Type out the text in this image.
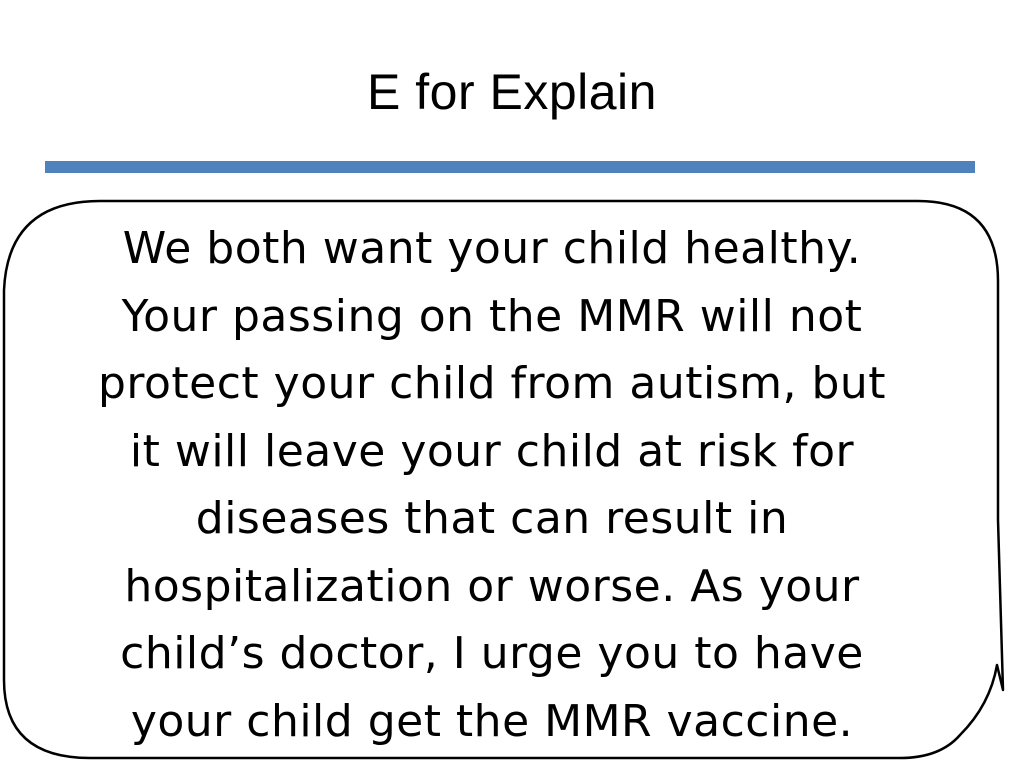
E for Explain
We both want your child healthy.
Your passing on the MMR will not
protect your child from autism, but
it will leave your child at risk for
diseases that can result in
hospitalization or worse. As your
child’s doctor, I urge you to have
your child get the MMR vaccine.
